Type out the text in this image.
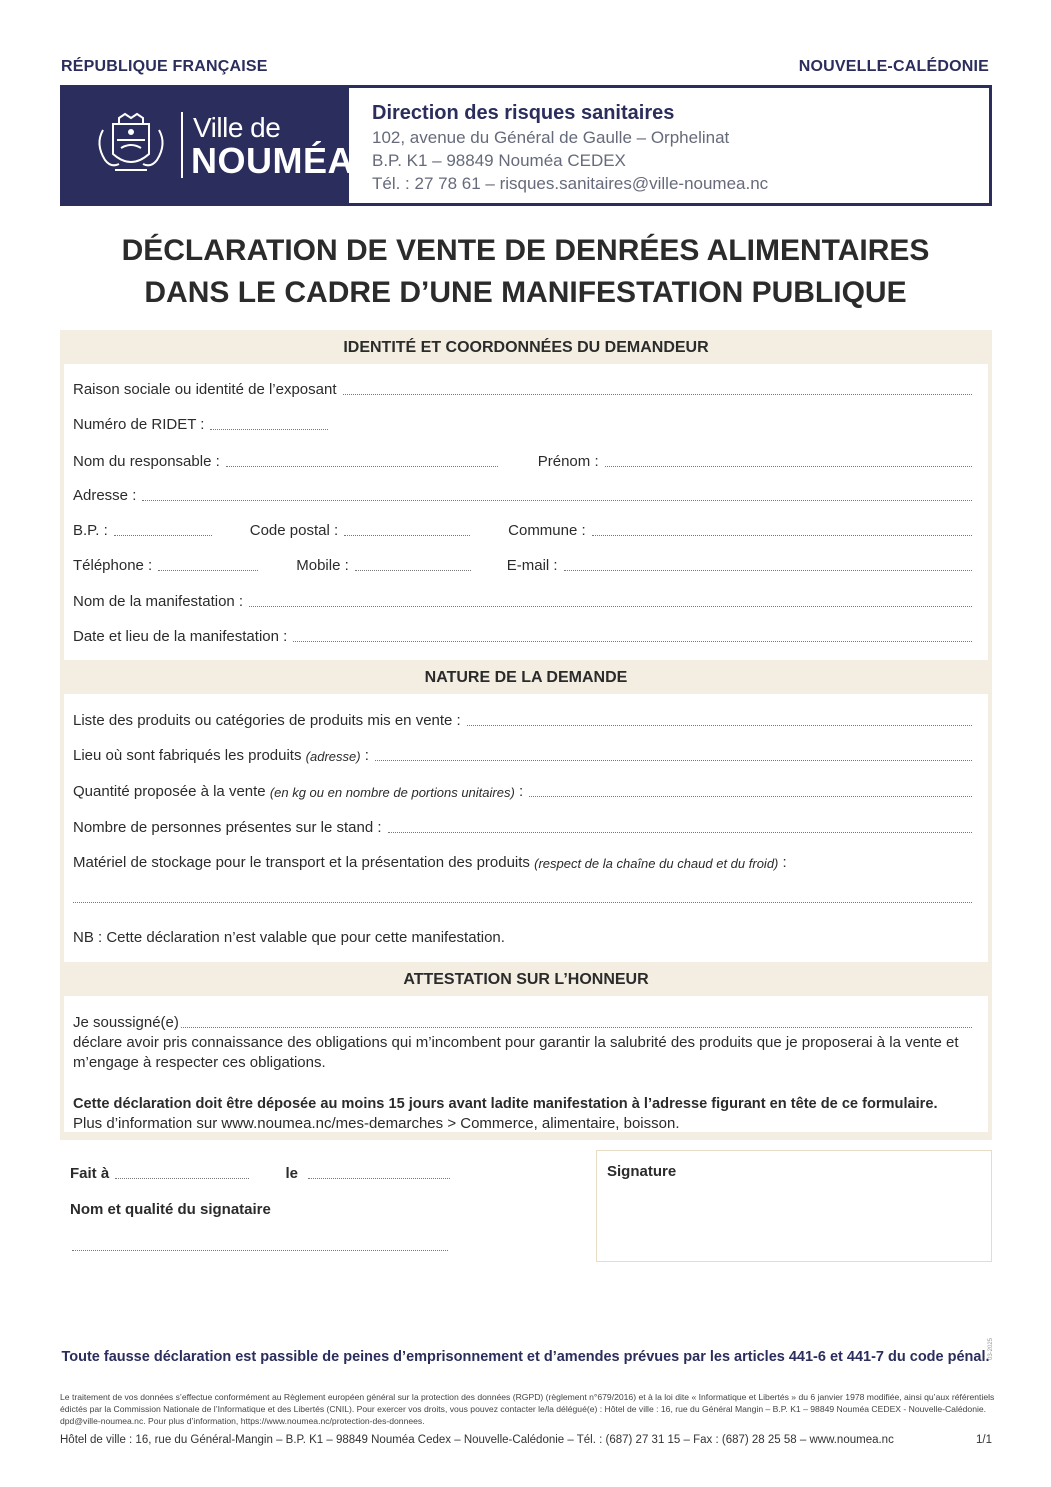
RÉPUBLIQUE FRANÇAISE	NOUVELLE-CALÉDONIE
Ville de
NOUMÉA
Direction des risques sanitaires
102, avenue du Général de Gaulle – Orphelinat
B.P. K1 – 98849 Nouméa CEDEX
Tél. : 27 78 61 – risques.sanitaires@ville-noumea.nc
DÉCLARATION DE VENTE DE DENRÉES ALIMENTAIRES
DANS LE CADRE D’UNE MANIFESTATION PUBLIQUE
IDENTITÉ ET COORDONNÉES DU DEMANDEUR
Raison sociale ou identité de l’exposant
Numéro de RIDET :
Nom du responsable :	Prénom :
Adresse :
B.P. :	Code postal :	Commune :
Téléphone :	Mobile :	E-mail :
Nom de la manifestation :
Date et lieu de la manifestation :
NATURE DE LA DEMANDE
Liste des produits ou catégories de produits mis en vente :
Lieu où sont fabriqués les produits
(adresse) :
Quantité proposée à la vente
(en kg ou en nombre de portions unitaires) :
Nombre de personnes présentes sur le stand :
Matériel de stockage pour le transport et la présentation des produits
(respect de la chaîne du chaud et du froid) :
NB : Cette déclaration n’est valable que pour cette manifestation.
ATTESTATION SUR L’HONNEUR
Je soussigné(e)
déclare avoir pris connaissance des obligations qui m’incombent pour garantir la salubrité des produits que je proposerai à la vente et
m’engage à respecter ces obligations.
Cette déclaration doit être déposée au moins 15 jours avant ladite manifestation à l’adresse figurant en tête de ce formulaire.
Plus d’information sur www.noumea.nc/mes-demarches > Commerce, alimentaire, boisson.
Fait à	le
Nom et qualité du signataire
Signature
Toute fausse déclaration est passible de peines d’emprisonnement et d’amendes prévues par les articles 441-6 et 441-7 du code pénal.
03-2025
Le traitement de vos données s’effectue conformément au Règlement européen général sur la protection des données (RGPD) (règlement n°679/2016) et à la loi dite « Informatique et Libertés » du 6 janvier 1978 modifiée, ainsi qu’aux référentiels édictés par la Commission Nationale de l’Informatique et des Libertés (CNIL). Pour exercer vos droits, vous pouvez contacter le/la délégué(e) : Hôtel de ville : 16, rue du Général Mangin – B.P. K1 – 98849 Nouméa CEDEX - Nouvelle-Calédonie. dpd@ville-noumea.nc. Pour plus d’information, https://www.noumea.nc/protection-des-donnees.
Hôtel de ville : 16, rue du Général-Mangin – B.P. K1 – 98849 Nouméa Cedex – Nouvelle-Calédonie – Tél. : (687) 27 31 15 – Fax : (687) 28 25 58 – www.noumea.nc	1/1
